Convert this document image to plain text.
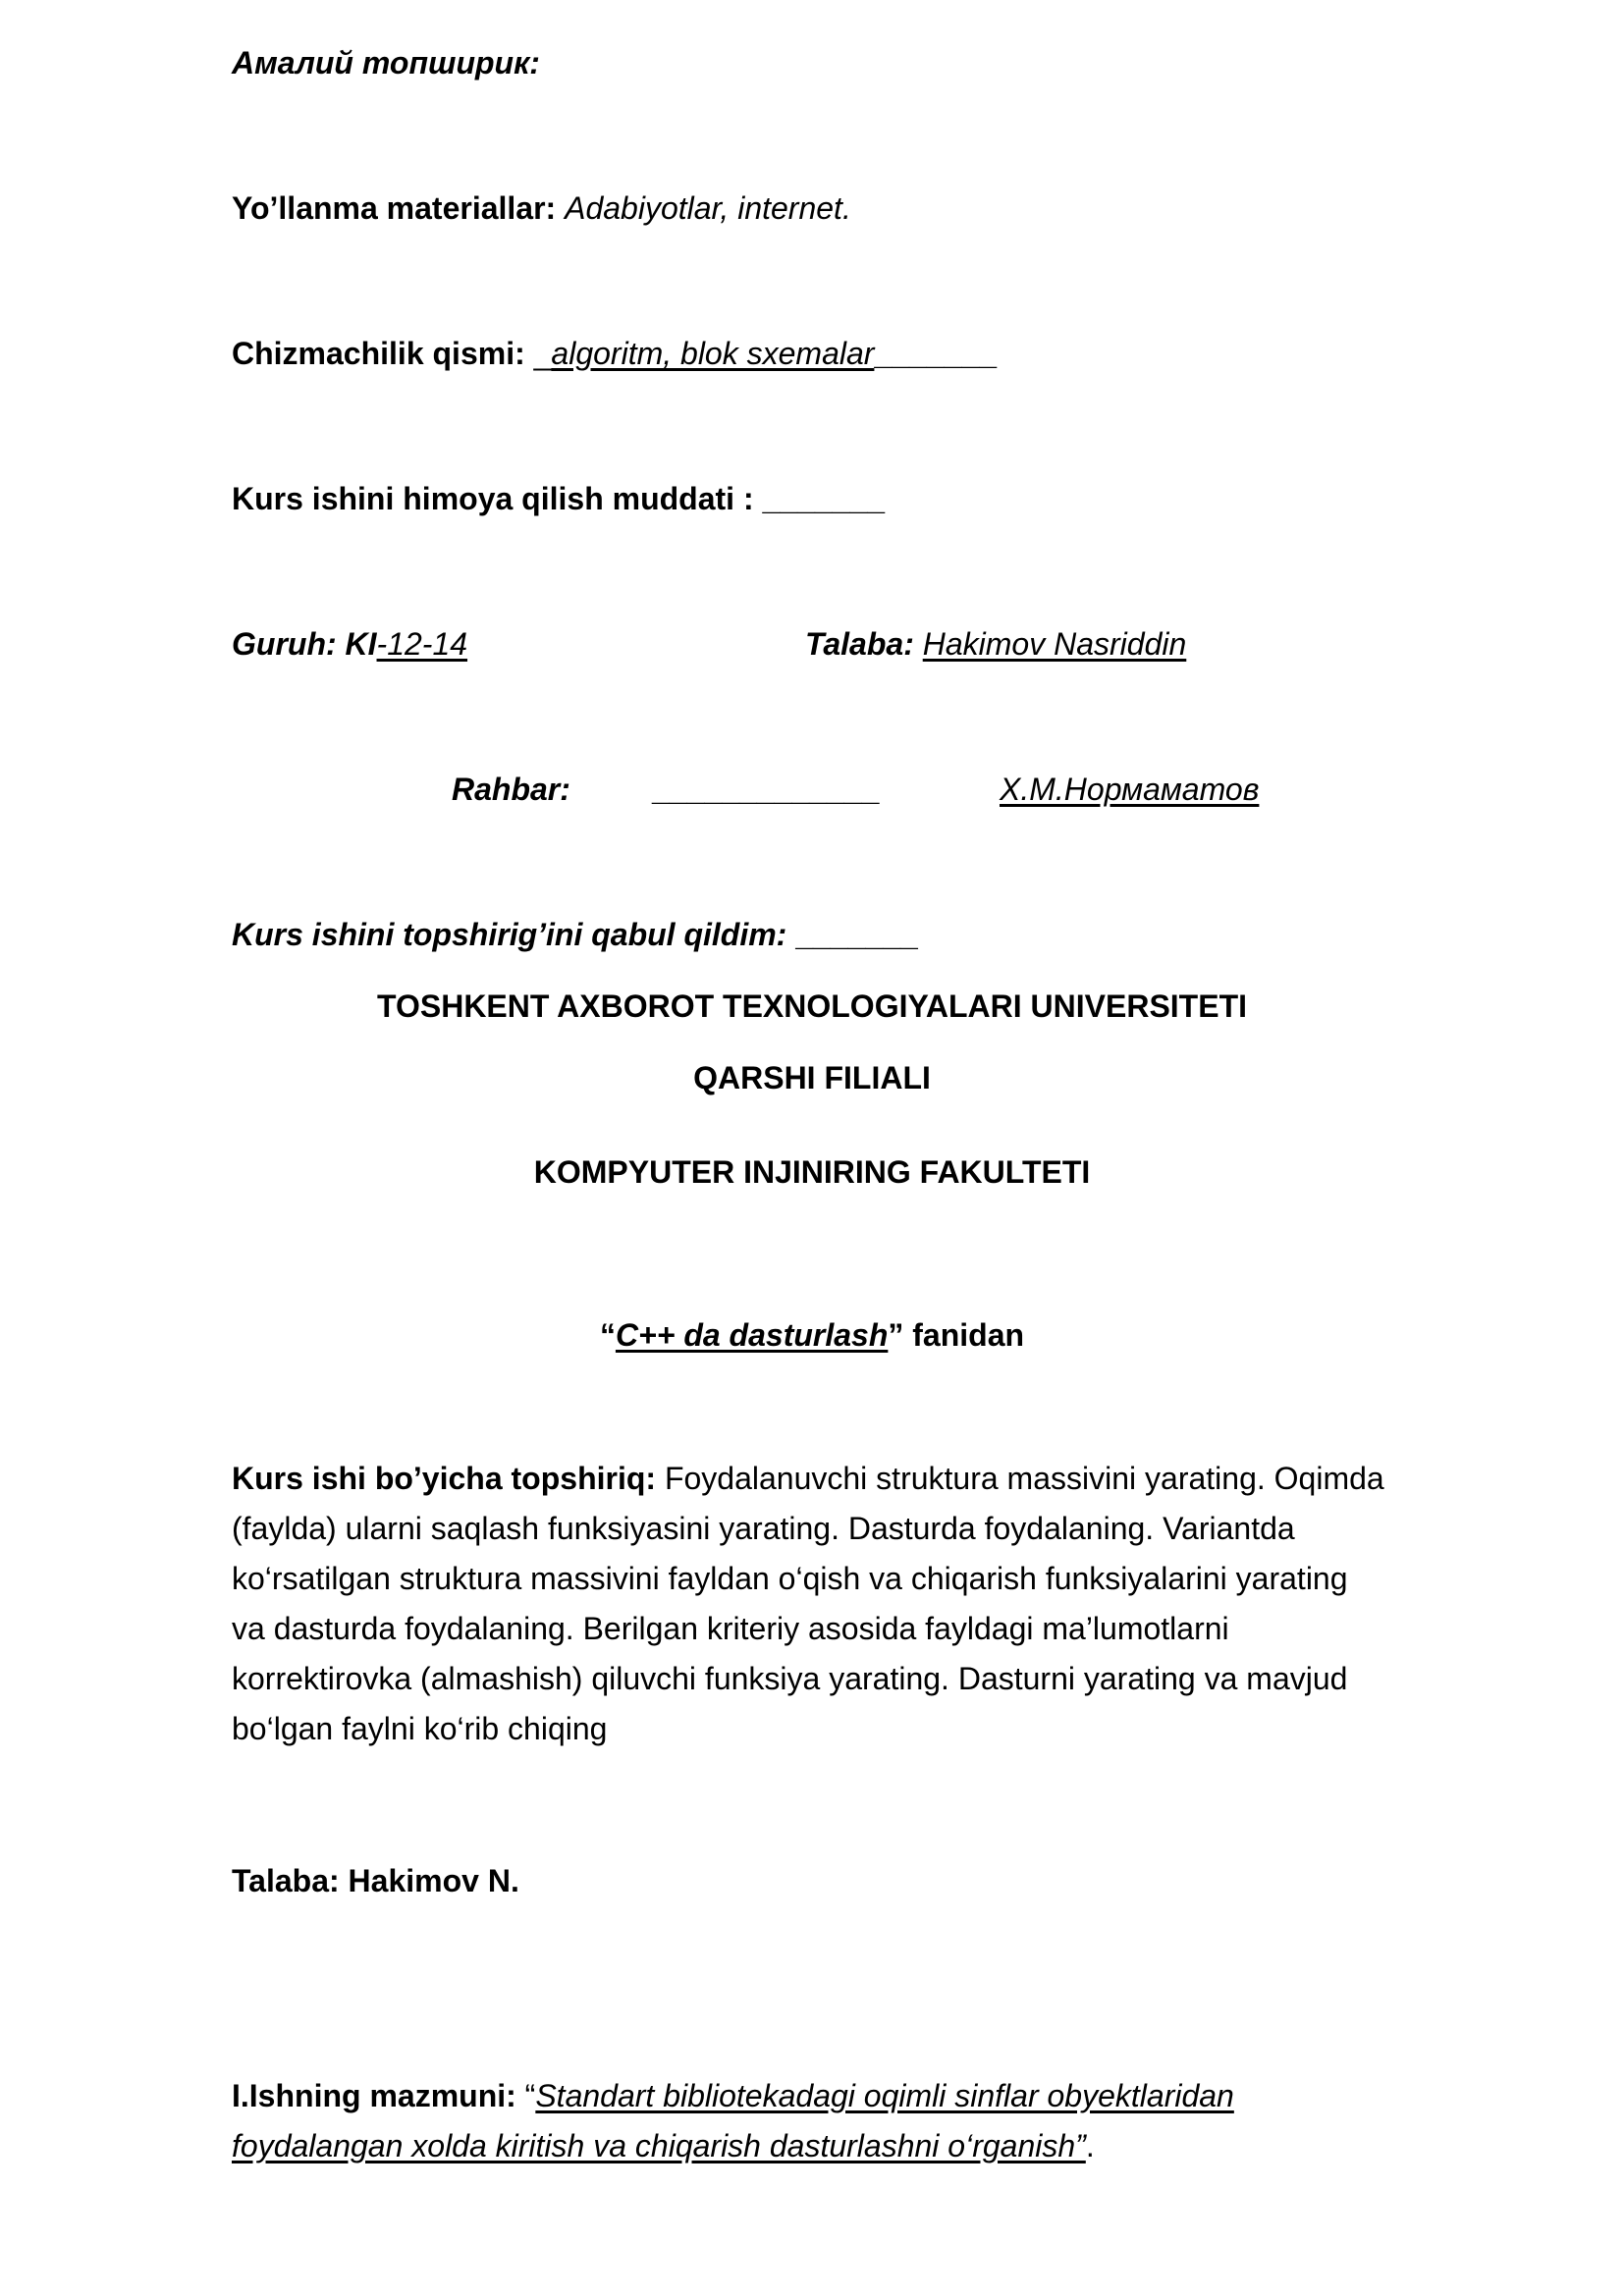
Амалий топширик:
Yo’llanma materiallar: Adabiyotlar, internet.
Chizmachilik qismi: _algoritm, blok sxemalar_______
Kurs ishini himoya qilish muddati : _______
Guruh: KI-12-14	Talaba: Hakimov Nasriddin
Rahbar:	_____________	Х.М.Нормаматов
Kurs ishini topshirig’ini qabul qildim: _______
TOSHKENT AXBOROT TEXNOLOGIYALARI UNIVERSITETI
QARSHI FILIALI
KOMPYUTER INJINIRING FAKULTETI
“C++ da dasturlash” fanidan
Kurs ishi bo’yicha topshiriq: Foydalanuvchi struktura massivini yarating. Oqimda
(faylda) ularni saqlash funksiyasini yarating. Dasturda foydalaning. Variantda
ko‘rsatilgan struktura massivini fayldan o‘qish va chiqarish funksiyalarini yarating
va dasturda foydalaning. Berilgan kriteriy asosida fayldagi ma’lumotlarni
korrektirovka (almashish) qiluvchi funksiya yarating. Dasturni yarating va mavjud
bo‘lgan faylni ko‘rib chiqing
Talaba: Hakimov N.
I.Ishning mazmuni: “Standart bibliotekadagi oqimli sinflar obyektlaridan
foydalangan xolda kiritish va chiqarish dasturlashni o‘rganish”.
